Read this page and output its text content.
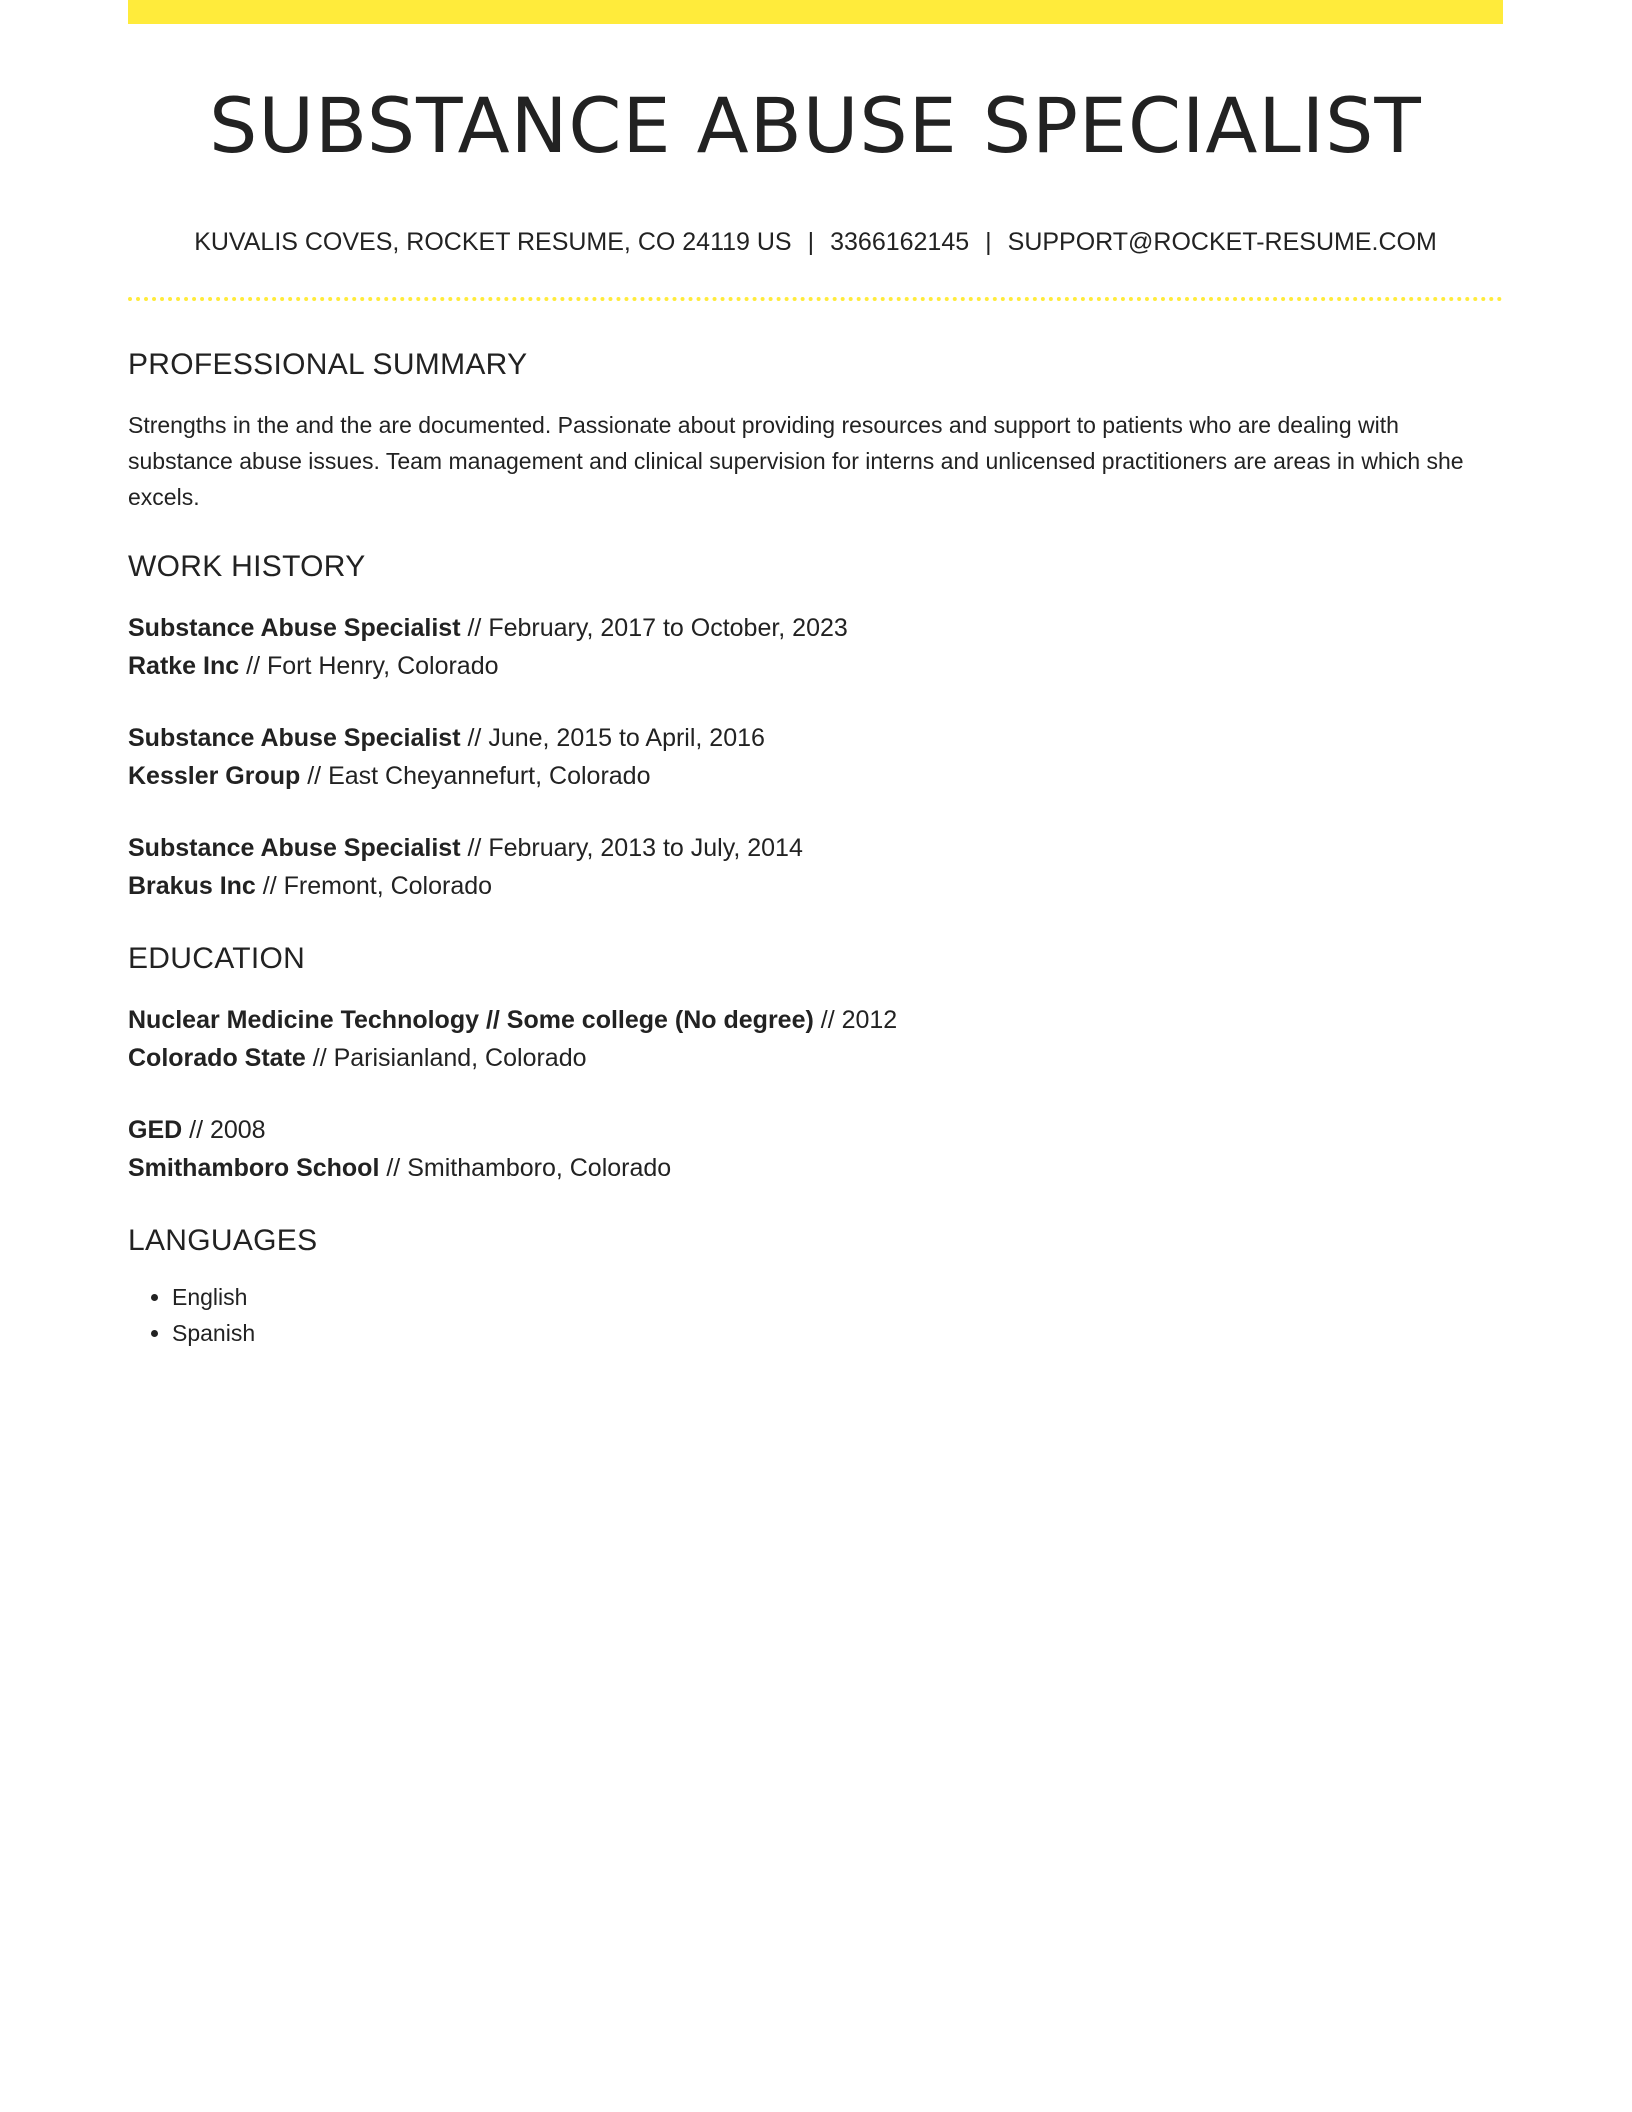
SUBSTANCE ABUSE SPECIALIST
KUVALIS COVES, ROCKET RESUME, CO 24119 US | 3366162145 | SUPPORT@ROCKET-RESUME.COM
PROFESSIONAL SUMMARY

Strengths in the and the are documented. Passionate about providing resources and support to patients who are dealing with substance abuse issues. Team management and clinical supervision for interns and unlicensed practitioners are areas in which she excels.

WORK HISTORY
Substance Abuse Specialist // February, 2017 to October, 2023
Ratke Inc // Fort Henry, Colorado
Substance Abuse Specialist // June, 2015 to April, 2016
Kessler Group // East Cheyannefurt, Colorado
Substance Abuse Specialist // February, 2013 to July, 2014
Brakus Inc // Fremont, Colorado
EDUCATION
Nuclear Medicine Technology // Some college (No degree) // 2012
Colorado State // Parisianland, Colorado
GED // 2008
Smithamboro School // Smithamboro, Colorado
LANGUAGES
• English
• Spanish
